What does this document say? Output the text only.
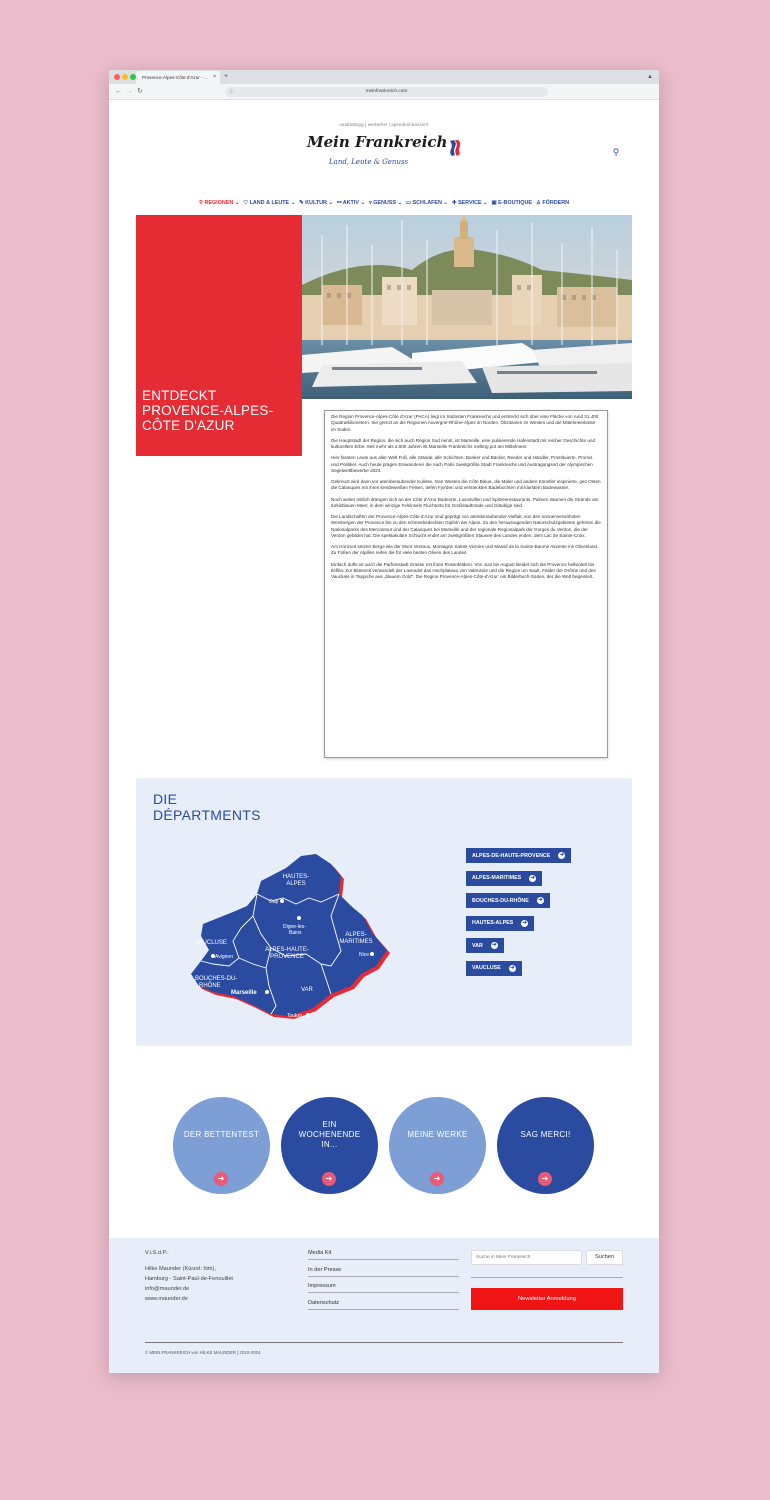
Provence-Alpes-Côte d'Azur - ... × +	▲
← → ↻	meinfrankreich.com
ⓘ
unabhängig | werbefrei | spendenfinanziert
Mein Frankreich
Land, Leute & Genuss
⚲
⚲ REGIONEN ⌄ ♡ LAND & LEUTE ⌄ ✎ KULTUR ⌄ ⚯ AKTIV ⌄ ▿ GENUSS ⌄ ▭ SCHLAFEN ⌄ ✚ SERVICE ⌄ ▣ E-BOUTIQUE ♙ FÖRDERN
ENTDECKT PROVENCE-ALPES-CÔTE D'AZUR

Die Region Provence-Alpes-Côte d'Azur (PACA) liegt im Südosten Frankreichs und erstreckt sich über eine Fläche von rund 31.400 Quadratkilometern. Sie grenzt an die Regionen Auvergne-Rhône-Alpes im Norden, Okzitanien im Westen und die Mittelmeerküste im Süden.

Die Hauptstadt der Region, die sich auch Région Sud nennt, ist Marseille, eine pulsierende Hafenstadt mit reicher Geschichte und kulturellem Erbe. Seit mehr als 2.600 Jahren ist Marseille Frankreichs melting pot am Mittelmeer.

Hier fassten Leute aus aller Welt Fuß, alle Stände, alle Schichten: Banker und Bäcker, Reeder und Händler, Prostituierte, Promis und Politiker. Auch heute prägen Einwanderer die nach Paris zweitgrößte Stadt Frankreichs und Austragungsort der olympischen Segelwettbewerbe 2024.

Gekreuzt wird dann vor atemberaubender Kulisse. Gen Westen die Côte Bleue, die Maler und andere Künstler inspirierte, gen Osten die Calanques mit ihren kreideweißen Felsen, tiefen Fjorden und versteckten Badebuchten mit klarstem Badewasser.

Noch weiter östlich drängen sich an der Côte d'Azur Badeorte, Luxusvillen und Spitzenrestaurants. Palmen säumen die Strände am türkisblauen Meer, in dem winzige Felsinseln Fluchtorte für Großstadtmüde und Gläubige sind.

Die Landschaften der Provence-Alpes-Côte d'Azur sind geprägt von atemberaubender Vielfalt, von den sonnenverwöhnten Weinbergen der Provence bis zu den schneebedeckten Gipfeln der Alpen. Zu den herausragenden Naturschutzgebieten gehören die Nationalparks des Mercantour und der Calanques bei Marseille und der regionale Regionalpark der Gorges du Verdon, die der Verdon gebildet hat. Die spektakuläre Schlucht endet am zweitgrößten Stausee des Landes enden, dem Lac de Sainte-Croix.

Am Horizont setzen Berge wie der Mont Ventoux, Montagne Sainte-Victoire und Massif de la Sainte-Baume Akzente ins Olivenland. Zu Füßen der Alpilles reifen die für viele besten Oliven des Landes.

Einfach dufte ist auch die Parfümstadt Grasse mit ihren Rosenfeldern. Von Juni bis August kleidet sich die Provence hellviolett bis tieflila: Zur Blütezeit verwandelt der Lavendel das Hochplateau von Valensole und die Region um Sault, Felder der Drôme und des Vaucluse in Teppiche aus „blauem Gold“. Die Region Provence-Alpes-Côte-d'Azur: ein Bilderbuch-Süden, der die Welt begeistert.

DIE
DÉPARTMENTS
HAUTES-
ALPES
Gap
Digne-les-
Bains
VAUCLUSE
Avignon
ALPES-HAUTE-
PROVENCE
ALPES-
MARITIMES
Nice
BOUCHES-DU-
RHÔNE
Marseille	VAR
Toulon
ALPES-DE-HAUTE-PROVENCE ➜
ALPES-MARITIMES ➜
BOUCHES-DU-RHÔNE ➜
HAUTES-ALPES ➜
VAR ➜
VAUCLUSE ➜
DER BETTENTEST
➜
EIN WOCHENENDE IN...
➜
MEINE WERKE
➜
SAG MERCI!
➜
V.i.S.d.P.:
Hilke Maunder (Kürzel: him),
Hamburg - Saint-Paul-de-Fenouillet
info@maunder.de
www.maunder.de
Media Kit
In der Presse
Impressum
Datenschutz
Suche in Mein Frankreich
Suchen
Newsletter Anmeldung
© MEIN FRANKREICH von HILKE MAUNDER | 2010-2024
